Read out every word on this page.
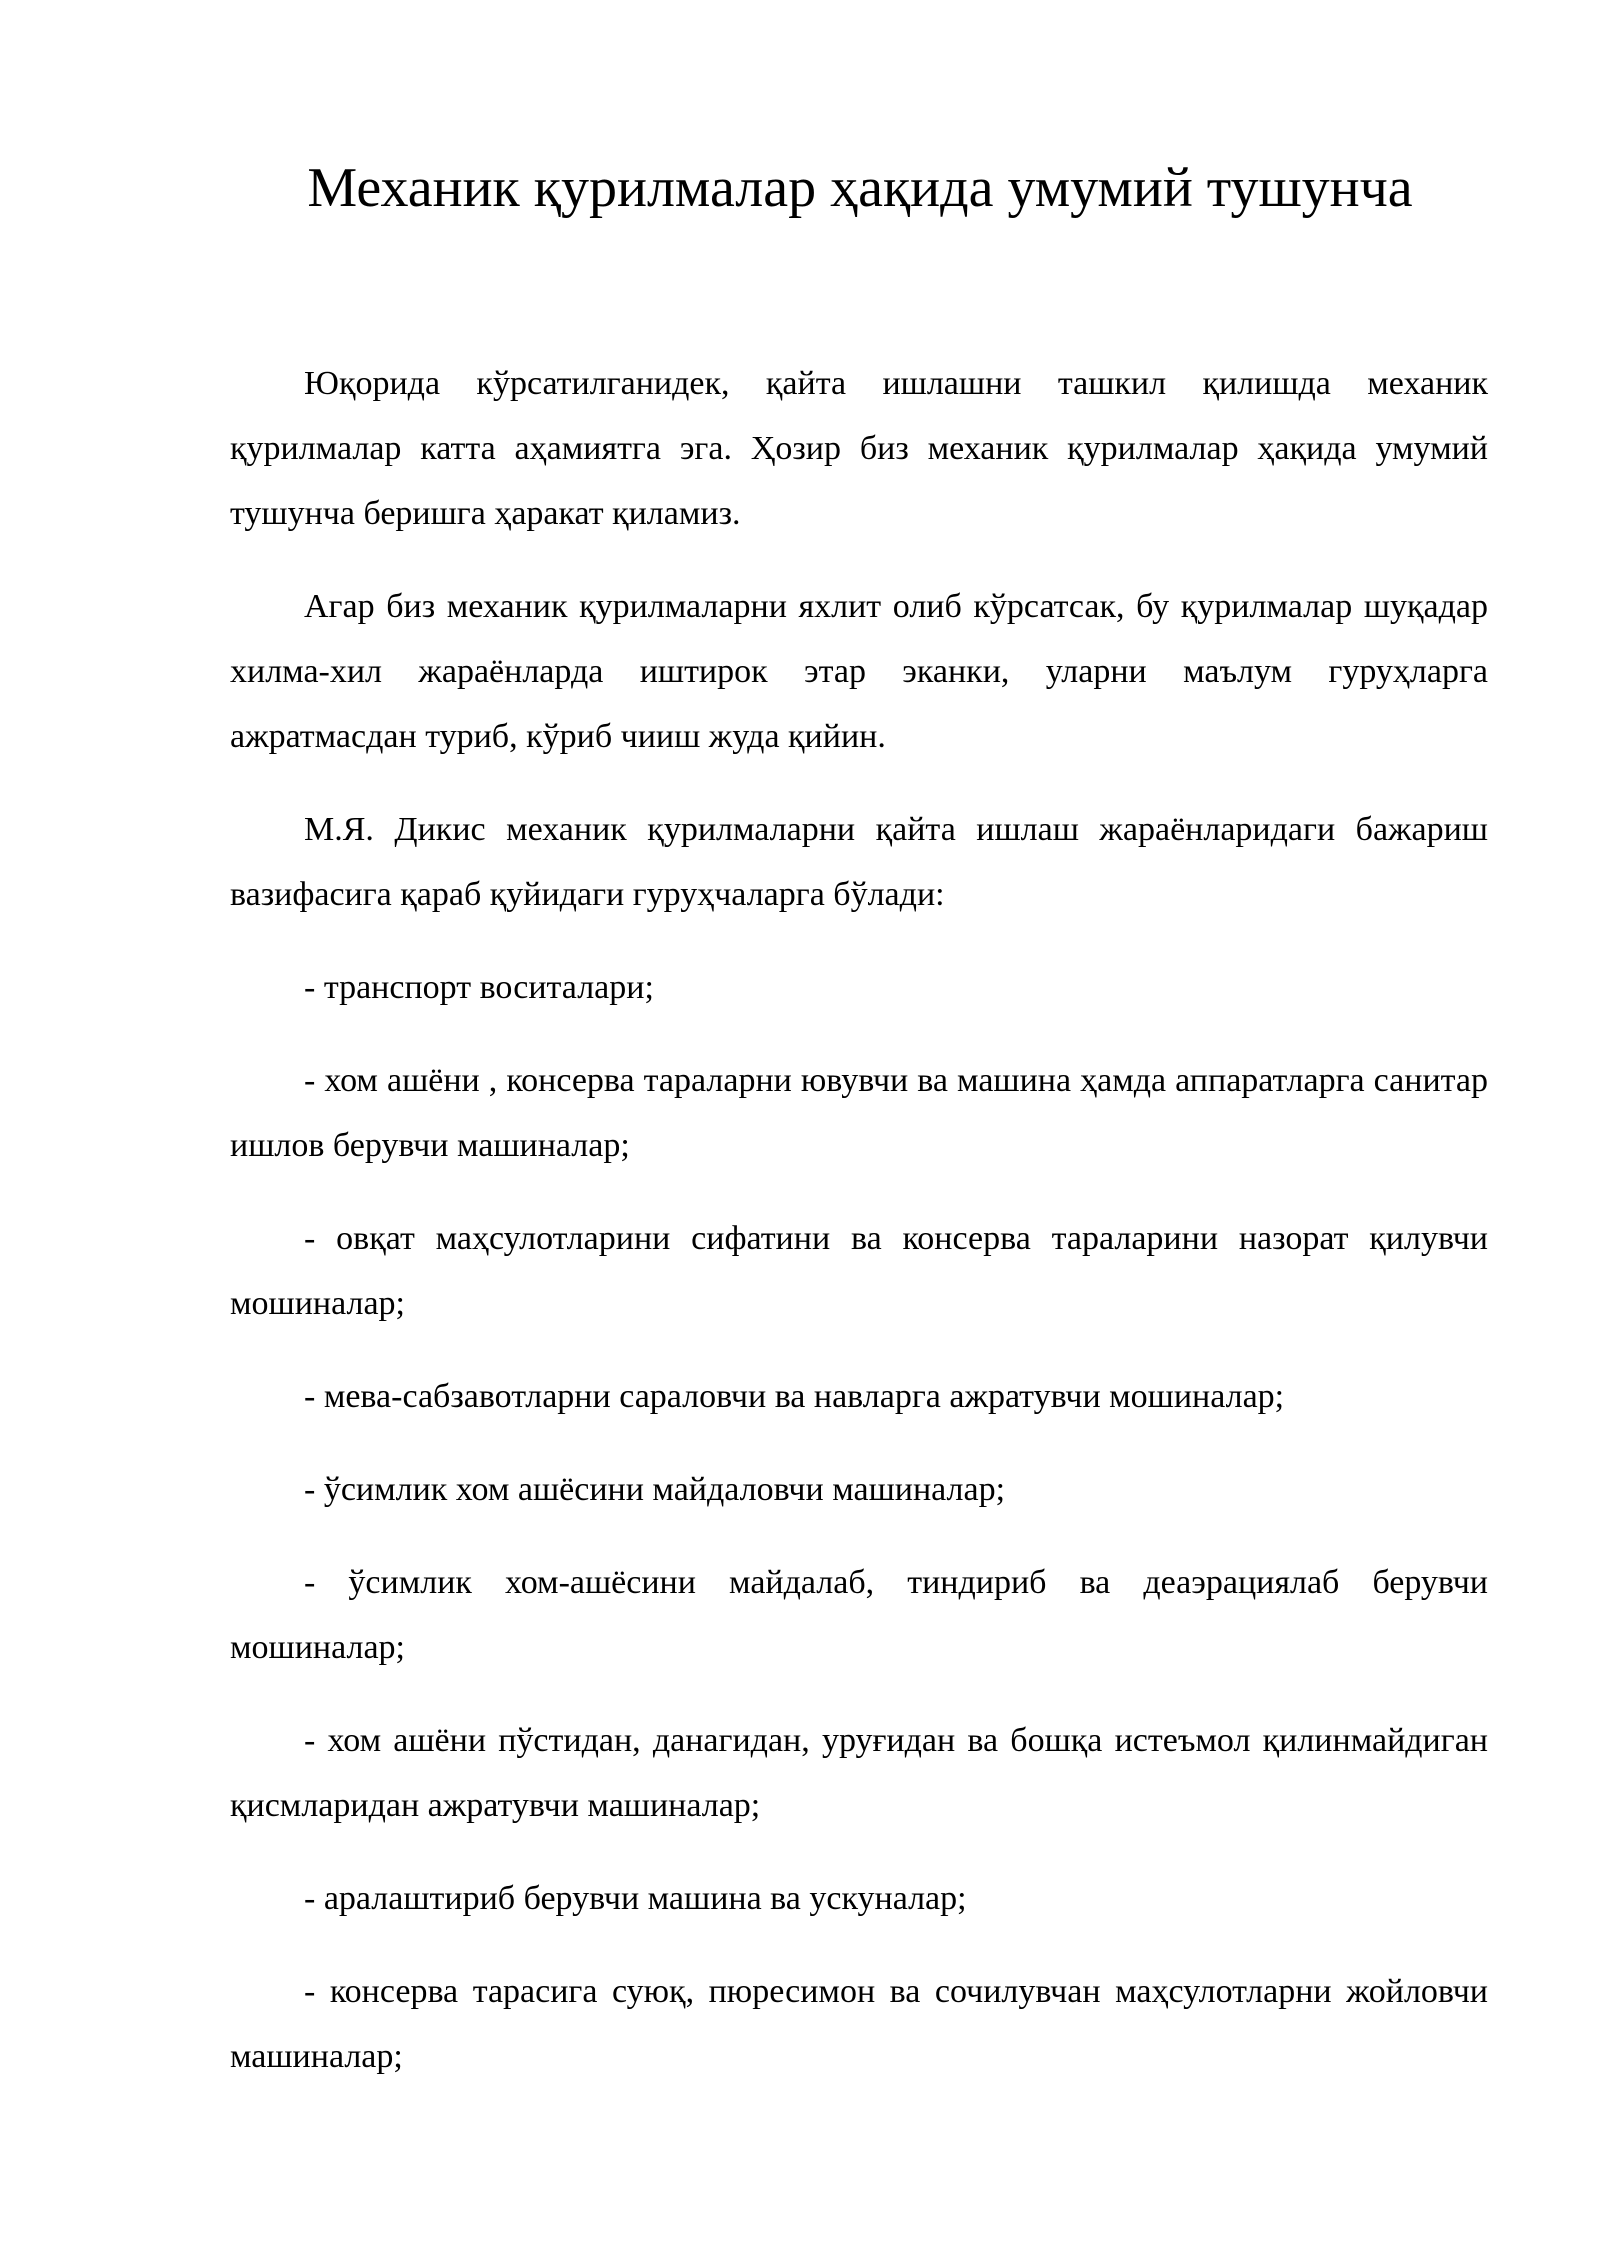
Механик қурилмалар ҳақида умумий тушунча

Юқорида кўрсатилганидек, қайта ишлашни ташкил қилишда механик қурилмалар катта аҳамиятга эга. Ҳозир биз механик қурилмалар ҳақида умумий тушунча беришга ҳаракат қиламиз.

Агар биз механик қурилмаларни яхлит олиб кўрсатсак, бу қурилмалар шуқадар хилма-хил жараёнларда иштирок этар эканки, уларни маълум гуруҳларга ажратмасдан туриб, кўриб чииш жуда қийин.

М.Я. Дикис механик қурилмаларни қайта ишлаш жараёнларидаги бажариш вазифасига қараб қуйидаги гуруҳчаларга бўлади:

- транспорт воситалари;

- хом ашёни , консерва тараларни ювувчи ва машина ҳамда аппаратларга санитар ишлов берувчи машиналар;

- овқат маҳсулотларини сифатини ва консерва тараларини назорат қилувчи мошиналар;

- мева-сабзавотларни сараловчи ва навларга ажратувчи мошиналар;

- ўсимлик хом ашёсини майдаловчи машиналар;

- ўсимлик хом-ашёсини майдалаб, тиндириб ва деаэрациялаб берувчи мошиналар;

- хом ашёни пўстидан, данагидан, уруғидан ва бошқа истеъмол қилинмайдиган қисмларидан ажратувчи машиналар;

- аралаштириб берувчи машина ва ускуналар;

- консерва тарасига суюқ, пюресимон ва сочилувчан маҳсулотларни жойловчи машиналар;
